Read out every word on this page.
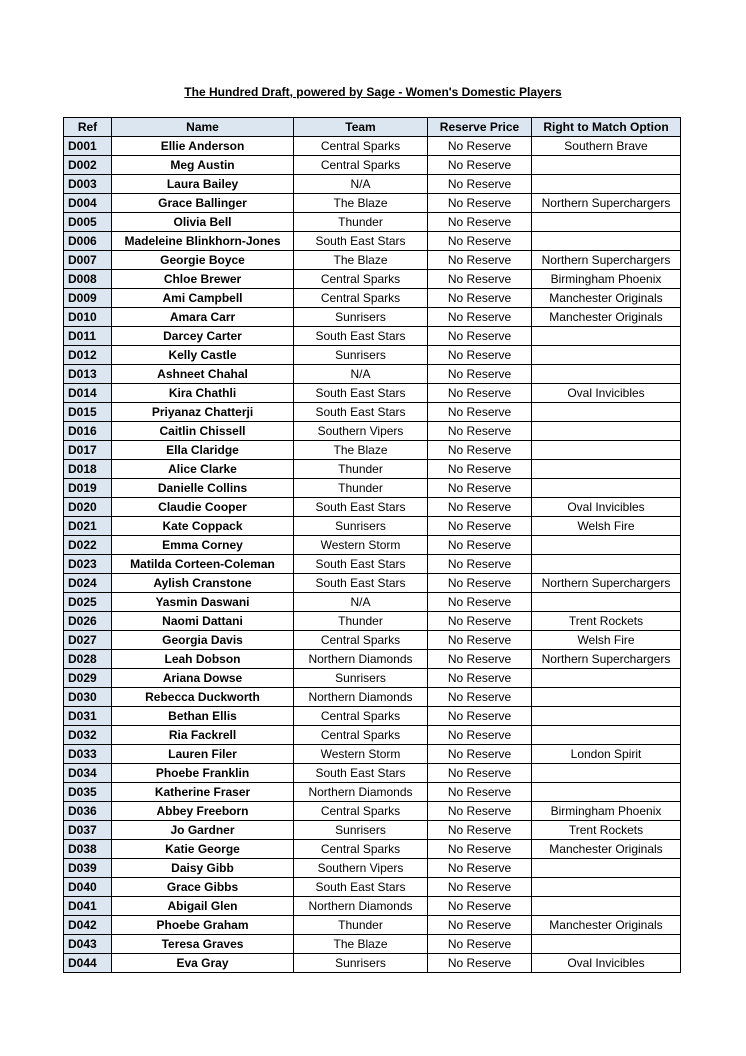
The Hundred Draft, powered by Sage - Women's Domestic Players
Ref	Name	Team	Reserve Price	Right to Match Option
D001	Ellie Anderson	Central Sparks	No Reserve	Southern Brave
D002	Meg Austin	Central Sparks	No Reserve	
D003	Laura Bailey	N/A	No Reserve	
D004	Grace Ballinger	The Blaze	No Reserve	Northern Superchargers
D005	Olivia Bell	Thunder	No Reserve	
D006	Madeleine Blinkhorn-Jones	South East Stars	No Reserve	
D007	Georgie Boyce	The Blaze	No Reserve	Northern Superchargers
D008	Chloe Brewer	Central Sparks	No Reserve	Birmingham Phoenix
D009	Ami Campbell	Central Sparks	No Reserve	Manchester Originals
D010	Amara Carr	Sunrisers	No Reserve	Manchester Originals
D011	Darcey Carter	South East Stars	No Reserve	
D012	Kelly Castle	Sunrisers	No Reserve	
D013	Ashneet Chahal	N/A	No Reserve	
D014	Kira Chathli	South East Stars	No Reserve	Oval Invicibles
D015	Priyanaz Chatterji	South East Stars	No Reserve	
D016	Caitlin Chissell	Southern Vipers	No Reserve	
D017	Ella Claridge	The Blaze	No Reserve	
D018	Alice Clarke	Thunder	No Reserve	
D019	Danielle Collins	Thunder	No Reserve	
D020	Claudie Cooper	South East Stars	No Reserve	Oval Invicibles
D021	Kate Coppack	Sunrisers	No Reserve	Welsh Fire
D022	Emma Corney	Western Storm	No Reserve	
D023	Matilda Corteen-Coleman	South East Stars	No Reserve	
D024	Aylish Cranstone	South East Stars	No Reserve	Northern Superchargers
D025	Yasmin Daswani	N/A	No Reserve	
D026	Naomi Dattani	Thunder	No Reserve	Trent Rockets
D027	Georgia Davis	Central Sparks	No Reserve	Welsh Fire
D028	Leah Dobson	Northern Diamonds	No Reserve	Northern Superchargers
D029	Ariana Dowse	Sunrisers	No Reserve	
D030	Rebecca Duckworth	Northern Diamonds	No Reserve	
D031	Bethan Ellis	Central Sparks	No Reserve	
D032	Ria Fackrell	Central Sparks	No Reserve	
D033	Lauren Filer	Western Storm	No Reserve	London Spirit
D034	Phoebe Franklin	South East Stars	No Reserve	
D035	Katherine Fraser	Northern Diamonds	No Reserve	
D036	Abbey Freeborn	Central Sparks	No Reserve	Birmingham Phoenix
D037	Jo Gardner	Sunrisers	No Reserve	Trent Rockets
D038	Katie George	Central Sparks	No Reserve	Manchester Originals
D039	Daisy Gibb	Southern Vipers	No Reserve	
D040	Grace Gibbs	South East Stars	No Reserve	
D041	Abigail Glen	Northern Diamonds	No Reserve	
D042	Phoebe Graham	Thunder	No Reserve	Manchester Originals
D043	Teresa Graves	The Blaze	No Reserve	
D044	Eva Gray	Sunrisers	No Reserve	Oval Invicibles
